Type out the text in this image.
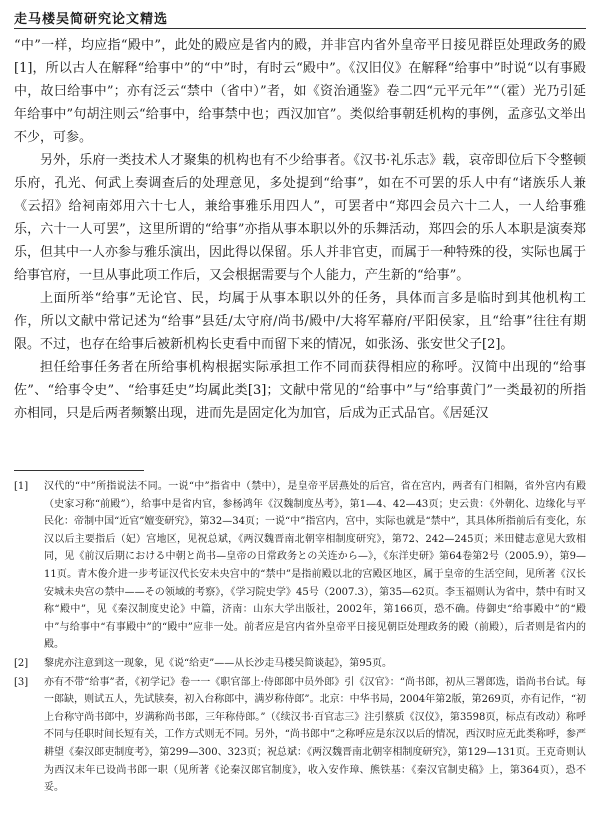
走马楼吴简研究论文精选

“中”一样，均应指“殿中”，此处的殿应是省内的殿，并非宫内省外皇帝平日接见群臣处理政务的殿[1]，所以古人在解释“给事中”的“中”时，有时云“殿中”。《汉旧仪》在解释“给事中”时说“以有事殿中，故曰给事中”；亦有泛云“禁中（省中）”者，如《资治通鉴》卷二四“元平元年”“（霍）光乃引延年给事中”句胡注则云“给事中，给事禁中也；西汉加官”。类似给事朝廷机构的事例，孟彦弘文举出不少，可参。

另外，乐府一类技术人才聚集的机构也有不少给事者。《汉书·礼乐志》载，哀帝即位后下令整顿乐府，孔光、何武上奏调查后的处理意见，多处提到“给事”，如在不可罢的乐人中有“诸族乐人兼《云招》给祠南郊用六十七人，兼给事雅乐用四人”，可罢者中“郑四会员六十二人，一人给事雅乐，六十一人可罢”，这里所谓的“给事”亦指从事本职以外的乐舞活动，郑四会的乐人本职是演奏郑乐，但其中一人亦参与雅乐演出，因此得以保留。乐人并非官吏，而属于一种特殊的役，实际也属于给事官府，一旦从事此项工作后，又会根据需要与个人能力，产生新的“给事”。

上面所举“给事”无论官、民，均属于从事本职以外的任务，具体而言多是临时到其他机构工作，所以文献中常记述为“给事”县廷/太守府/尚书/殿中/大将军幕府/平阳侯家，且“给事”往往有期限。不过，也存在给事后被新机构长吏看中而留下来的情况，如张汤、张安世父子[2]。

担任给事任务者在所给事机构根据实际承担工作不同而获得相应的称呼。汉简中出现的“给事佐”、“给事令史”、“给事廷史”均属此类[3]；文献中常见的“给事中”与“给事黄门”一类最初的所指亦相同，只是后两者频繁出现，进而先是固定化为加官，后成为正式品官。《居延汉

[1]	汉代的“中”所指说法不同。一说“中”指省中（禁中），是皇帝平居燕处的后宫，省在宫内，两者有门相隔，省外宫内有殿（史家习称“前殿”），给事中是省内官，参杨鸿年《汉魏制度丛考》，第1—4、42—43页；史云贵：《外朝化、边缘化与平民化：帝制中国“近官”嬗变研究》，第32—34页；一说“中”指宫内，宫中，实际也就是“禁中”，其具体所指前后有变化，东汉以后主要指后（妃）宫地区，见祝总斌，《两汉魏晋南北朝宰相制度研究》，第72、242—245页；米田健志意见大致相同，见《前汉后期における中朝と尚书—皇帝の日常政务との关连から—》，《东洋史研》第64卷第2号（2005.9），第9—11页。青木俊介进一步考证汉代长安未央宫中的“禁中”是指前殿以北的宫殿区地区，属于皇帝的生活空间，见所著《汉长安城未央宫の禁中——その领域的考察》，《学习院史学》45号（2007.3），第35—62页。李玉福则认为省中，禁中有时又称“殿中”，见《秦汉制度史论》中篇，济南：山东大学出版社，2002年，第166页，恐不确。侍御史“给事殿中”的“殿中”与给事中“有事殿中”的“殿中”应非一处。前者应是宫内省外皇帝平日接见朝臣处理政务的殿（前殿），后者则是省内的殿。
[2]	黎虎亦注意到这一现象，见《说“给吏”——从长沙走马楼吴简谈起》，第95页。
[3]	亦有不带“给事”者，《初学记》卷一一《职官部上·侍郎郎中员外郎》引《汉官》：“尚书郎，初从三署郎选，诣尚书台试。每一郎缺，则试五人，先试牍奏，初入台称郎中，满岁称侍郎”。北京：中华书局，2004年第2版，第269页，亦有记作，“初上台称守尚书郎中，岁满称尚书郎，三年称侍郎。”（《续汉书·百官志三》注引蔡质《汉仪》，第3598页，标点有改动）称呼不同与任职时间长短有关，工作方式则无不同。另外，“尚书郎中”之称呼应是东汉以后的情况，西汉时应无此类称呼，参严耕望《秦汉郎吏制度考》，第299—300、323页；祝总斌：《两汉魏晋南北朝宰相制度研究》，第129—131页。王克奇则认为西汉末年已设尚书郎一职（见所著《论秦汉郎官制度》，收入安作璋、熊铁基：《秦汉官制史稿》上，第364页），恐不妥。
